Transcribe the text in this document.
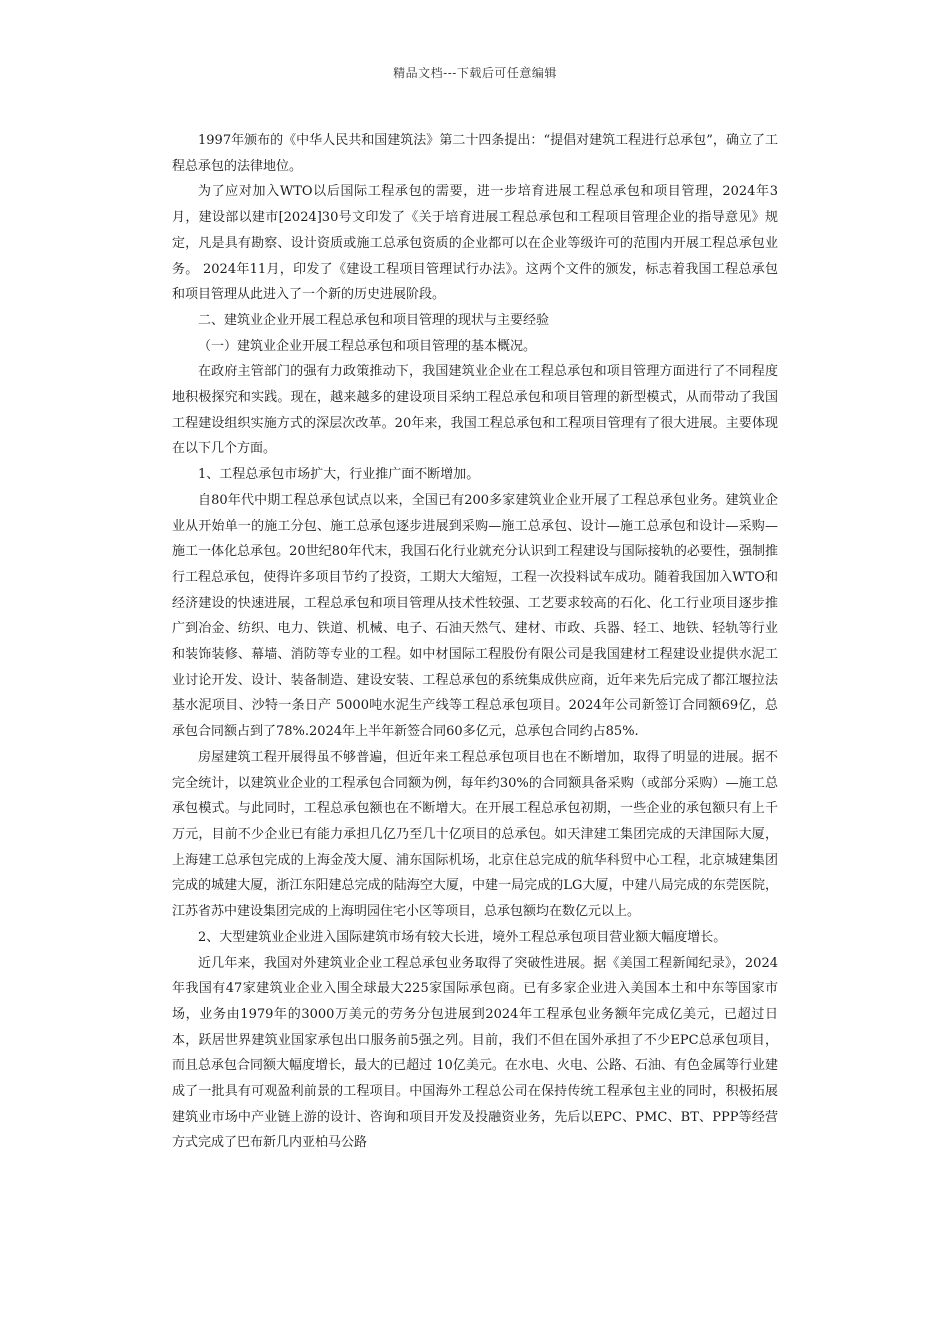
精品文档---下载后可任意编辑

1997年颁布的《中华人民共和国建筑法》第二十四条提出：“提倡对建筑工程进行总承包”，确立了工程总承包的法律地位。

为了应对加入WTO以后国际工程承包的需要，进一步培育进展工程总承包和项目管理，2024年3月，建设部以建市[2024]30号文印发了《关于培育进展工程总承包和工程项目管理企业的指导意见》规定，凡是具有勘察、设计资质或施工总承包资质的企业都可以在企业等级许可的范围内开展工程总承包业务。 2024年11月，印发了《建设工程项目管理试行办法》。这两个文件的颁发，标志着我国工程总承包和项目管理从此进入了一个新的历史进展阶段。

二、建筑业企业开展工程总承包和项目管理的现状与主要经验

（一）建筑业企业开展工程总承包和项目管理的基本概况。

在政府主管部门的强有力政策推动下，我国建筑业企业在工程总承包和项目管理方面进行了不同程度地积极探究和实践。现在，越来越多的建设项目采纳工程总承包和项目管理的新型模式，从而带动了我国工程建设组织实施方式的深层次改革。20年来，我国工程总承包和工程项目管理有了很大进展。主要体现在以下几个方面。

1、工程总承包市场扩大，行业推广面不断增加。

自80年代中期工程总承包试点以来，全国已有200多家建筑业企业开展了工程总承包业务。建筑业企业从开始单一的施工分包、施工总承包逐步进展到采购—施工总承包、设计—施工总承包和设计—采购—施工一体化总承包。20世纪80年代末，我国石化行业就充分认识到工程建设与国际接轨的必要性，强制推行工程总承包，使得许多项目节约了投资，工期大大缩短，工程一次投料试车成功。随着我国加入WTO和经济建设的快速进展，工程总承包和项目管理从技术性较强、工艺要求较高的石化、化工行业项目逐步推广到冶金、纺织、电力、铁道、机械、电子、石油天然气、建材、市政、兵器、轻工、地铁、轻轨等行业和装饰装修、幕墙、消防等专业的工程。如中材国际工程股份有限公司是我国建材工程建设业提供水泥工业讨论开发、设计、装备制造、建设安装、工程总承包的系统集成供应商，近年来先后完成了都江堰拉法基水泥项目、沙特一条日产 5000吨水泥生产线等工程总承包项目。2024年公司新签订合同额69亿，总承包合同额占到了78%.2024年上半年新签合同60多亿元，总承包合同约占85%.

房屋建筑工程开展得虽不够普遍，但近年来工程总承包项目也在不断增加，取得了明显的进展。据不完全统计，以建筑业企业的工程承包合同额为例，每年约30%的合同额具备采购（或部分采购）—施工总承包模式。与此同时，工程总承包额也在不断增大。在开展工程总承包初期，一些企业的承包额只有上千万元，目前不少企业已有能力承担几亿乃至几十亿项目的总承包。如天津建工集团完成的天津国际大厦，上海建工总承包完成的上海金茂大厦、浦东国际机场，北京住总完成的航华科贸中心工程，北京城建集团完成的城建大厦，浙江东阳建总完成的陆海空大厦，中建一局完成的LG大厦，中建八局完成的东莞医院，江苏省苏中建设集团完成的上海明园住宅小区等项目，总承包额均在数亿元以上。

2、大型建筑业企业进入国际建筑市场有较大长进，境外工程总承包项目营业额大幅度增长。

近几年来，我国对外建筑业企业工程总承包业务取得了突破性进展。据《美国工程新闻纪录》，2024年我国有47家建筑业企业入围全球最大225家国际承包商。已有多家企业进入美国本土和中东等国家市场，业务由1979年的3000万美元的劳务分包进展到2024年工程承包业务额年完成亿美元，已超过日本，跃居世界建筑业国家承包出口服务前5强之列。目前，我们不但在国外承担了不少EPC总承包项目，而且总承包合同额大幅度增长，最大的已超过 10亿美元。在水电、火电、公路、石油、有色金属等行业建成了一批具有可观盈利前景的工程项目。中国海外工程总公司在保持传统工程承包主业的同时，积极拓展建筑业市场中产业链上游的设计、咨询和项目开发及投融资业务，先后以EPC、PMC、BT、PPP等经营方式完成了巴布新几内亚柏马公路
